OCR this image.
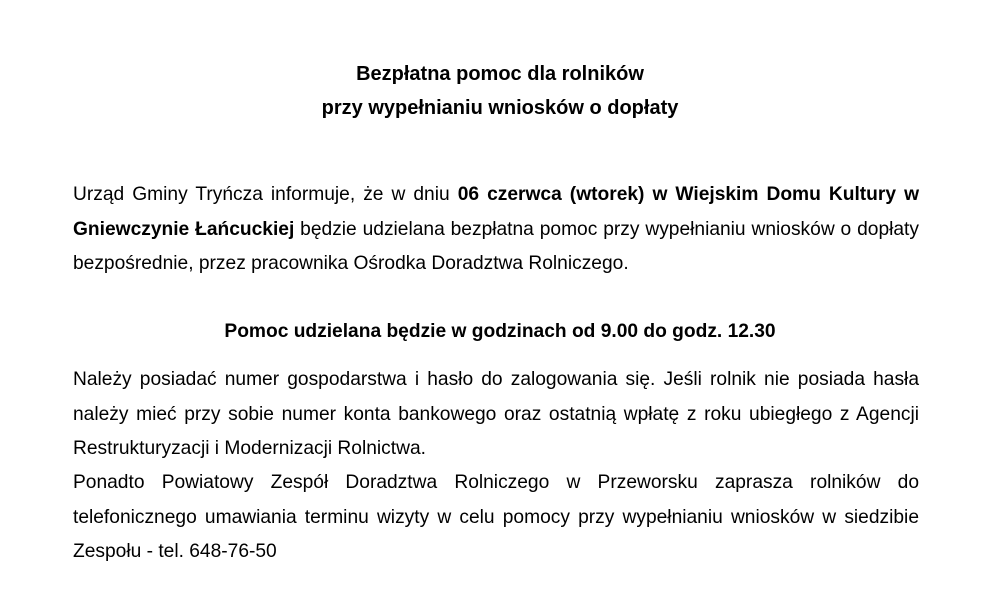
Bezpłatna pomoc dla rolników
przy wypełnianiu wniosków o dopłaty
Urząd Gminy Tryńcza informuje, że w dniu 06 czerwca (wtorek) w Wiejskim Domu Kultury w Gniewczynie Łańcuckiej będzie udzielana bezpłatna pomoc przy wypełnianiu wniosków o dopłaty bezpośrednie, przez pracownika Ośrodka Doradztwa Rolniczego.
Pomoc udzielana będzie w godzinach od 9.00 do godz. 12.30
Należy posiadać numer gospodarstwa i hasło do zalogowania się. Jeśli rolnik nie posiada hasła należy mieć przy sobie numer konta bankowego oraz ostatnią wpłatę z roku ubiegłego z Agencji Restrukturyzacji i Modernizacji Rolnictwa.
Ponadto Powiatowy Zespół Doradztwa Rolniczego w Przeworsku zaprasza rolników do telefonicznego umawiania terminu wizyty w celu pomocy przy wypełnianiu wniosków w siedzibie Zespołu - tel. 648-76-50
